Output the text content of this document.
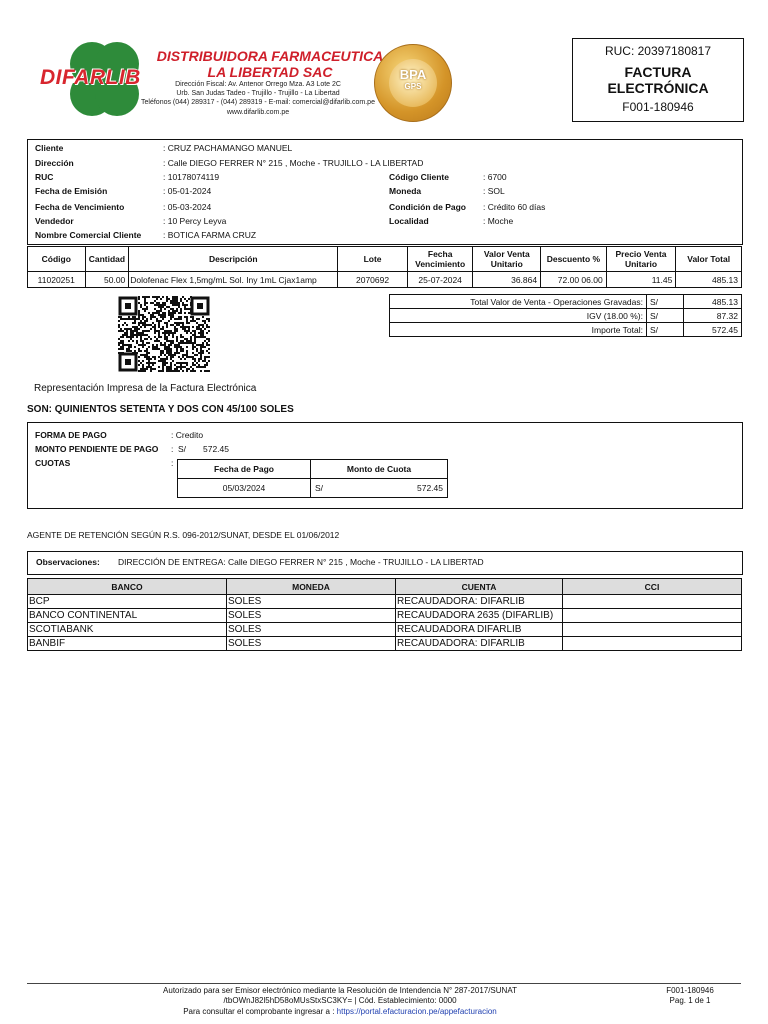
DIFARLIB
DISTRIBUIDORA FARMACEUTICA
LA LIBERTAD SAC
Dirección Fiscal: Av. Antenor Orrego Mza. A3 Lote 2C
Urb. San Judas Tadeo - Trujillo - Trujillo - La Libertad
Teléfonos (044) 289317 - (044) 289319 - E-mail: comercial@difarlib.com.pe
www.difarlib.com.pe
BPA
GPS
RUC: 20397180817
FACTURA
ELECTRÓNICA
F001-180946
Cliente	: CRUZ PACHAMANGO MANUEL
Dirección	: Calle DIEGO FERRER N° 215 , Moche - TRUJILLO - LA LIBERTAD
RUC	: 10178074119
Fecha de Emisión	: 05-01-2024
Fecha de Vencimiento	: 05-03-2024
Vendedor	: 10 Percy Leyva
Nombre Comercial Cliente	: BOTICA FARMA CRUZ
Código Cliente	: 6700
Moneda	: SOL
Condición de Pago : Crédito 60 días
Localidad	: Moche
Código	Cantidad	Descripción	Lote	Fecha Vencimiento	Valor Venta Unitario	Descuento %	Precio Venta Unitario	Valor Total
11020251	50.00	Dolofenac Flex 1,5mg/mL Sol. Iny 1mL Cjax1amp	2070692	25-07-2024	36.864	72.00 06.00	11.45	485.13
Total Valor de Venta - Operaciones Gravadas:	S/	485.13
IGV (18.00 %):	S/	87.32
Importe Total:	S/	572.45
Representación Impresa de la Factura Electrónica
SON: QUINIENTOS SETENTA Y DOS CON 45/100 SOLES
FORMA DE PAGO	: Credito
MONTO PENDIENTE DE PAGO : S/ 572.45
CUOTAS	:
Fecha de Pago	Monto de Cuota
05/03/2024	S/ 572.45
AGENTE DE RETENCIÓN SEGÚN R.S. 096-2012/SUNAT, DESDE EL 01/06/2012
Observaciones: DIRECCIÓN DE ENTREGA: Calle DIEGO FERRER N° 215 , Moche - TRUJILLO - LA LIBERTAD
BANCO	MONEDA	CUENTA	CCI
BCP	SOLES	RECAUDADORA: DIFARLIB	
BANCO CONTINENTAL	SOLES	RECAUDADORA 2635 (DIFARLIB)	
SCOTIABANK	SOLES	RECAUDADORA DIFARLIB	
BANBIF	SOLES	RECAUDADORA: DIFARLIB	
Autorizado para ser Emisor electrónico mediante la Resolución de Intendencia N° 287-2017/SUNAT
/tbOWnJ82l5hD58oMUsStxSC3KY= | Cód. Establecimiento: 0000
Para consultar el comprobante ingresar a : https://portal.efacturacion.pe/appefacturacion
F001-180946
Pag. 1 de 1
